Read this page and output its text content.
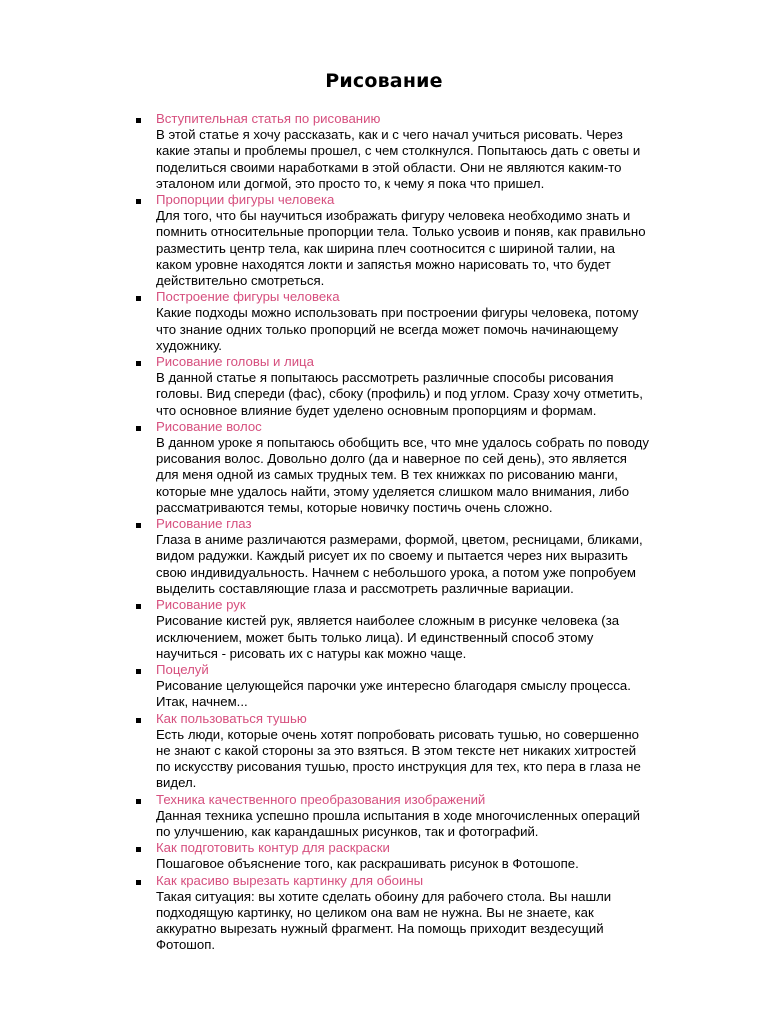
Рисование
Вступительная статья по рисованию
В этой статье я хочу рассказать, как и с чего начал учиться рисовать. Через
какие этапы и проблемы прошел, с чем столкнулся. Попытаюсь дать с оветы и
поделиться своими наработками в этой области. Они не являются каким-то
эталоном или догмой, это просто то, к чему я пока что пришел.
Пропорции фигуры человека
Для того, что бы научиться изображать фигуру человека необходимо знать и
помнить относительные пропорции тела. Только усвоив и поняв, как правильно
разместить центр тела, как ширина плеч соотносится с шириной талии, на
каком уровне находятся локти и запястья можно нарисовать то, что будет
действительно смотреться.
Построение фигуры человека
Какие подходы можно использовать при построении фигуры человека, потому
что знание одних только пропорций не всегда может помочь начинающему
художнику.
Рисование головы и лица
В данной статье я попытаюсь рассмотреть различные способы рисования
головы. Вид спереди (фас), сбоку (профиль) и под углом. Сразу хочу отметить,
что основное влияние будет уделено основным пропорциям и формам.
Рисование волос
В данном уроке я попытаюсь обобщить все, что мне удалось собрать по поводу
рисования волос. Довольно долго (да и наверное по сей день), это является
для меня одной из самых трудных тем. В тех книжках по рисованию манги,
которые мне удалось найти, этому уделяется слишком мало внимания, либо
рассматриваются темы, которые новичку постичь очень сложно.
Рисование глаз
Глаза в аниме различаются размерами, формой, цветом, ресницами, бликами,
видом радужки. Каждый рисует их по своему и пытается через них выразить
свою индивидуальность. Начнем с небольшого урока, а потом уже попробуем
выделить составляющие глаза и рассмотреть различные вариации.
Рисование рук
Рисование кистей рук, является наиболее сложным в рисунке человека (за
исключением, может быть только лица). И единственный способ этому
научиться - рисовать их с натуры как можно чаще.
Поцелуй
Рисование целующейся парочки уже интересно благодаря смыслу процесса.
Итак, начнем...
Как пользоваться тушью
Есть люди, которые очень хотят попробовать рисовать тушью, но совершенно
не знают с какой стороны за это взяться. В этом тексте нет никаких хитростей
по искусству рисования тушью, просто инструкция для тех, кто пера в глаза не
видел.
Техника качественного преобразования изображений
Данная техника успешно прошла испытания в ходе многочисленных операций
по улучшению, как карандашных рисунков, так и фотографий.
Как подготовить контур для раскраски
Пошаговое объяснение того, как раскрашивать рисунок в Фотошопе.
Как красиво вырезать картинку для обоины
Такая ситуация: вы хотите сделать обоину для рабочего стола. Вы нашли
подходящую картинку, но целиком она вам не нужна. Вы не знаете, как
аккуратно вырезать нужный фрагмент. На помощь приходит вездесущий
Фотошоп.
